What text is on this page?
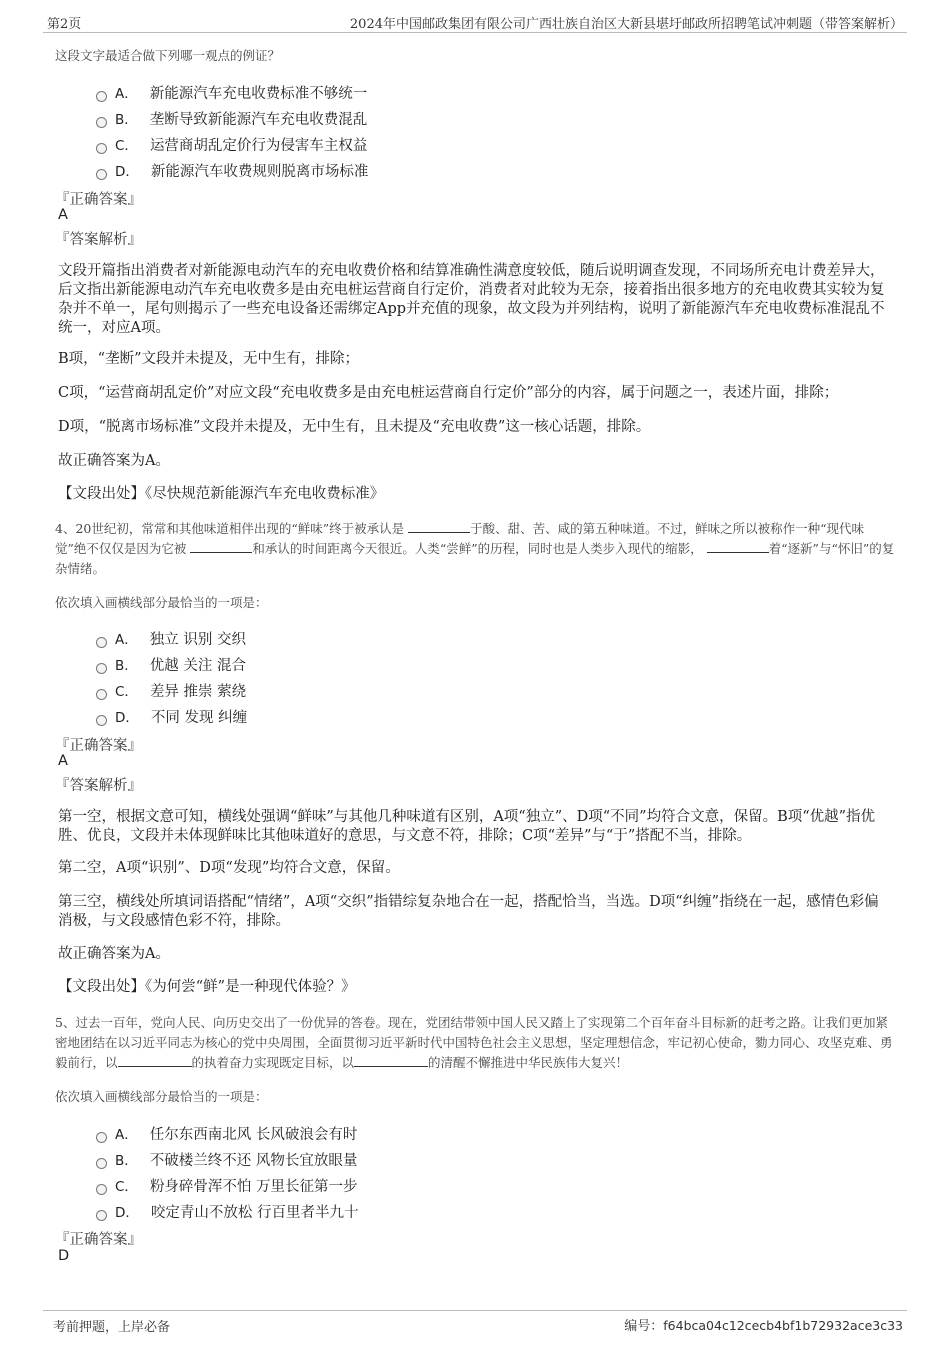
第2页	2024年中国邮政集团有限公司广西壮族自治区大新县堪圩邮政所招聘笔试冲刺题（带答案解析）
这段文字最适合做下列哪一观点的例证？
A． 新能源汽车充电收费标准不够统一
B． 垄断导致新能源汽车充电收费混乱
C． 运营商胡乱定价行为侵害车主权益
D． 新能源汽车收费规则脱离市场标准
『正确答案』
A
『答案解析』
文段开篇指出消费者对新能源电动汽车的充电收费价格和结算准确性满意度较低，随后说明调查发现，不同场所充电计费差异大，后文指出新能源电动汽车充电收费多是由充电桩运营商自行定价，消费者对此较为无奈，接着指出很多地方的充电收费其实较为复杂并不单一，尾句则揭示了一些充电设备还需绑定App并充值的现象，故文段为并列结构，说明了新能源汽车充电收费标准混乱不统一，对应A项。
B项，“垄断”文段并未提及，无中生有，排除；
C项，“运营商胡乱定价”对应文段“充电收费多是由充电桩运营商自行定价”部分的内容，属于问题之一，表述片面，排除；
D项，“脱离市场标准”文段并未提及，无中生有，且未提及“充电收费”这一核心话题，排除。
故正确答案为A。
【文段出处】《尽快规范新能源汽车充电收费标准》
4、20世纪初，常常和其他味道相伴出现的“鲜味”终于被承认是	于酸、甜、苦、咸的第五种味道。不过，鲜味之所以被称作一种“现代味觉”绝不仅仅是因为它被	和承认的时间距离今天很近。人类“尝鲜”的历程，同时也是人类步入现代的缩影，	着“逐新”与“怀旧”的复杂情绪。
依次填入画横线部分最恰当的一项是：
A． 独立 识别 交织
B． 优越 关注 混合
C． 差异 推崇 萦绕
D． 不同 发现 纠缠
『正确答案』
A
『答案解析』
第一空，根据文意可知，横线处强调“鲜味”与其他几种味道有区别，A项“独立”、D项“不同”均符合文意，保留。B项“优越”指优胜、优良，文段并未体现鲜味比其他味道好的意思，与文意不符，排除；C项“差异”与“于”搭配不当，排除。
第二空，A项“识别”、D项“发现”均符合文意，保留。
第三空，横线处所填词语搭配“情绪”，A项“交织”指错综复杂地合在一起，搭配恰当，当选。D项“纠缠”指绕在一起，感情色彩偏消极，与文段感情色彩不符，排除。
故正确答案为A。
【文段出处】《为何尝“鲜”是一种现代体验？》
5、过去一百年，党向人民、向历史交出了一份优异的答卷。现在，党团结带领中国人民又踏上了实现第二个百年奋斗目标新的赶考之路。让我们更加紧密地团结在以习近平同志为核心的党中央周围，全面贯彻习近平新时代中国特色社会主义思想，坚定理想信念，牢记初心使命，勠力同心、攻坚克难、勇毅前行，以	的执着奋力实现既定目标，以	的清醒不懈推进中华民族伟大复兴！
依次填入画横线部分最恰当的一项是：
A． 任尔东西南北风 长风破浪会有时
B． 不破楼兰终不还 风物长宜放眼量
C． 粉身碎骨浑不怕 万里长征第一步
D． 咬定青山不放松 行百里者半九十
『正确答案』
D
考前押题，上岸必备	编号：f64bca04c12cecb4bf1b72932ace3c33
